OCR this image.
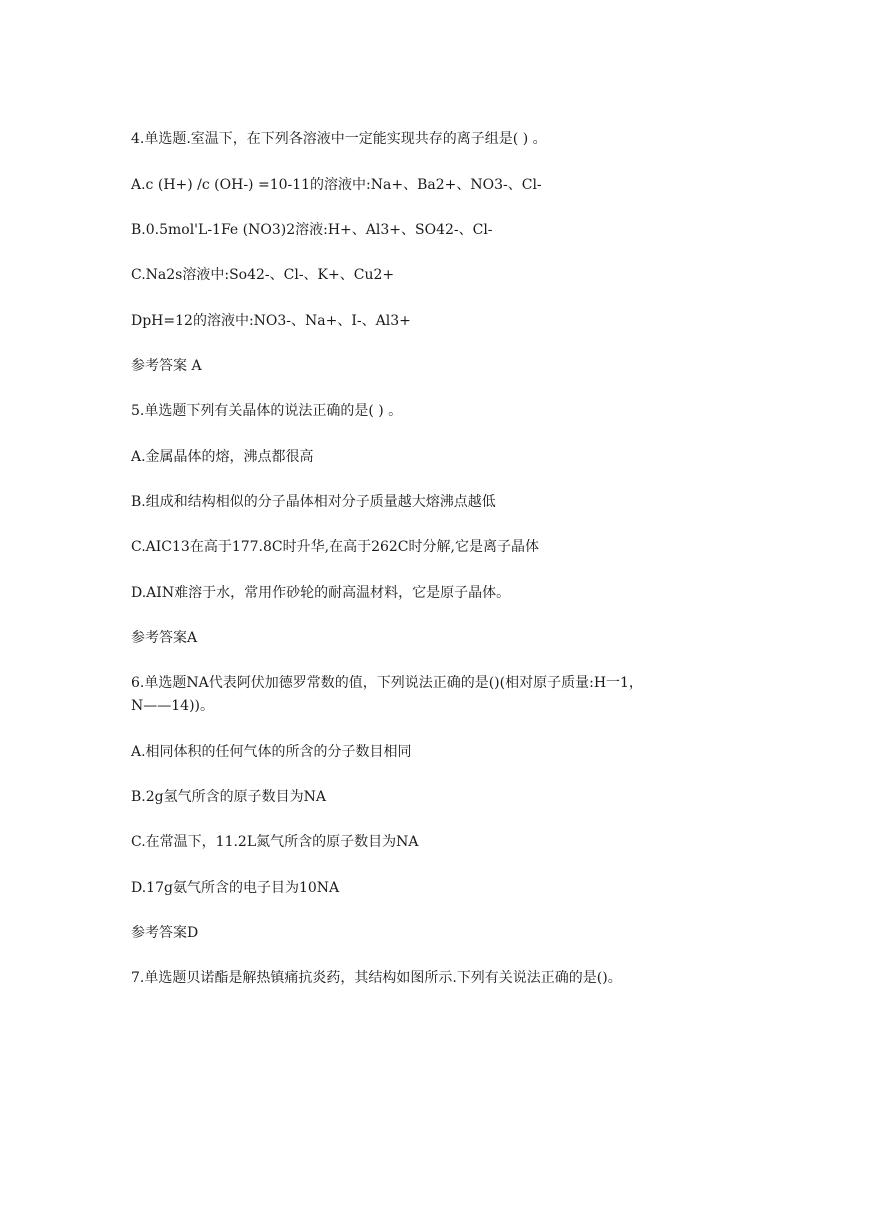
4.单选题.室温下，在下列各溶液中一定能实现共存的离子组是( ) 。
A.c (H+) /c (OH-) =10-11的溶液中:Na+、Ba2+、NO3-、Cl-
B.0.5mol'L-1Fe (NO3)2溶液:H+、Al3+、SO42-、Cl-
C.Na2s溶液中:So42-、Cl-、K+、Cu2+
DpH=12的溶液中:NO3-、Na+、I-、Al3+
参考答案 A
5.单选题下列有关晶体的说法正确的是( ) 。
A.金属晶体的熔，沸点都很高
B.组成和结构相似的分子晶体相对分子质量越大熔沸点越低
C.AIC13在高于177.8C时升华,在高于262C时分解,它是离子晶体
D.AIN难溶于水，常用作砂轮的耐高温材料，它是原子晶体。
参考答案A
6.单选题NA代表阿伏加德罗常数的值，下列说法正确的是()(相对原子质量:H一1，
N——14))。
A.相同体积的任何气体的所含的分子数目相同
B.2g氢气所含的原子数目为NA
C.在常温下，11.2L氮气所含的原子数目为NA
D.17g氨气所含的电子目为10NA
参考答案D
7.单选题贝诺酯是解热镇痛抗炎药，其结构如图所示.下列有关说法正确的是()。
